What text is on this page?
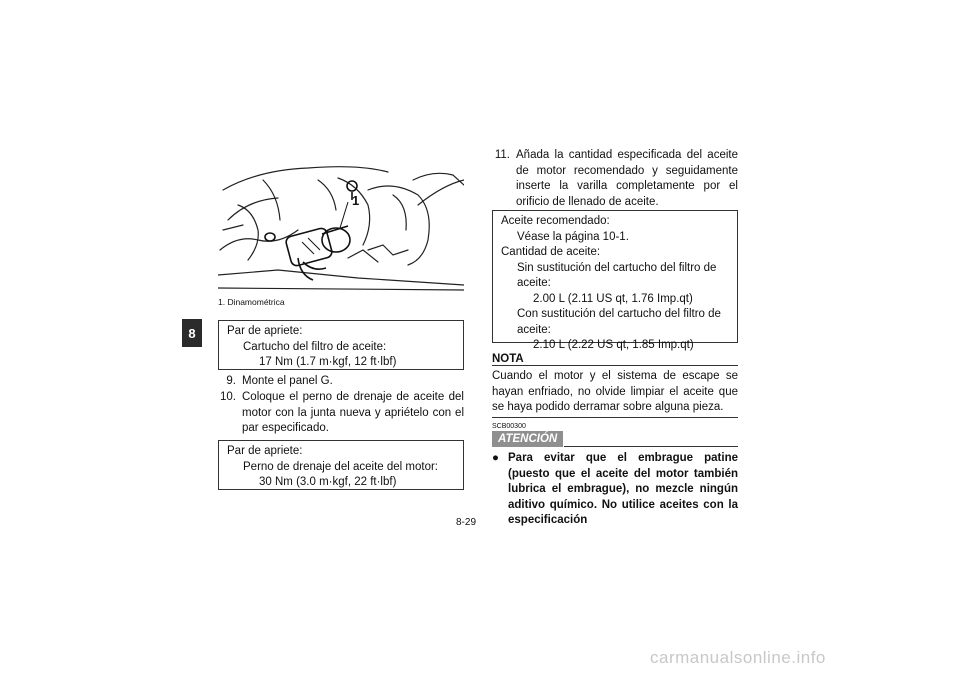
8
1
1. Dinamométrica
Par de apriete:
Cartucho del filtro de aceite:
17 Nm (1.7 m·kgf, 12 ft·lbf)
9. Monte el panel G.
10. Coloque el perno de drenaje de aceite del motor con la junta nueva y apriételo con el par especificado.
Par de apriete:
Perno de drenaje del aceite del motor:
30 Nm (3.0 m·kgf, 22 ft·lbf)
11. Añada la cantidad especificada del aceite de motor recomendado y seguidamente inserte la varilla completamente por el orificio de llenado de aceite.
Aceite recomendado:
Véase la página 10-1.
Cantidad de aceite:
Sin sustitución del cartucho del filtro de aceite:
2.00 L (2.11 US qt, 1.76 Imp.qt)
Con sustitución del cartucho del filtro de aceite:
2.10 L (2.22 US qt, 1.85 Imp.qt)
NOTA
Cuando el motor y el sistema de escape se hayan enfriado, no olvide limpiar el aceite que se haya podido derramar sobre alguna pieza.
SCB00300
ATENCIÓN
● Para evitar que el embrague patine (puesto que el aceite del motor también lubrica el embrague), no mezcle ningún aditivo químico. No utilice aceites con la especificación
8-29
carmanualsonline.info
